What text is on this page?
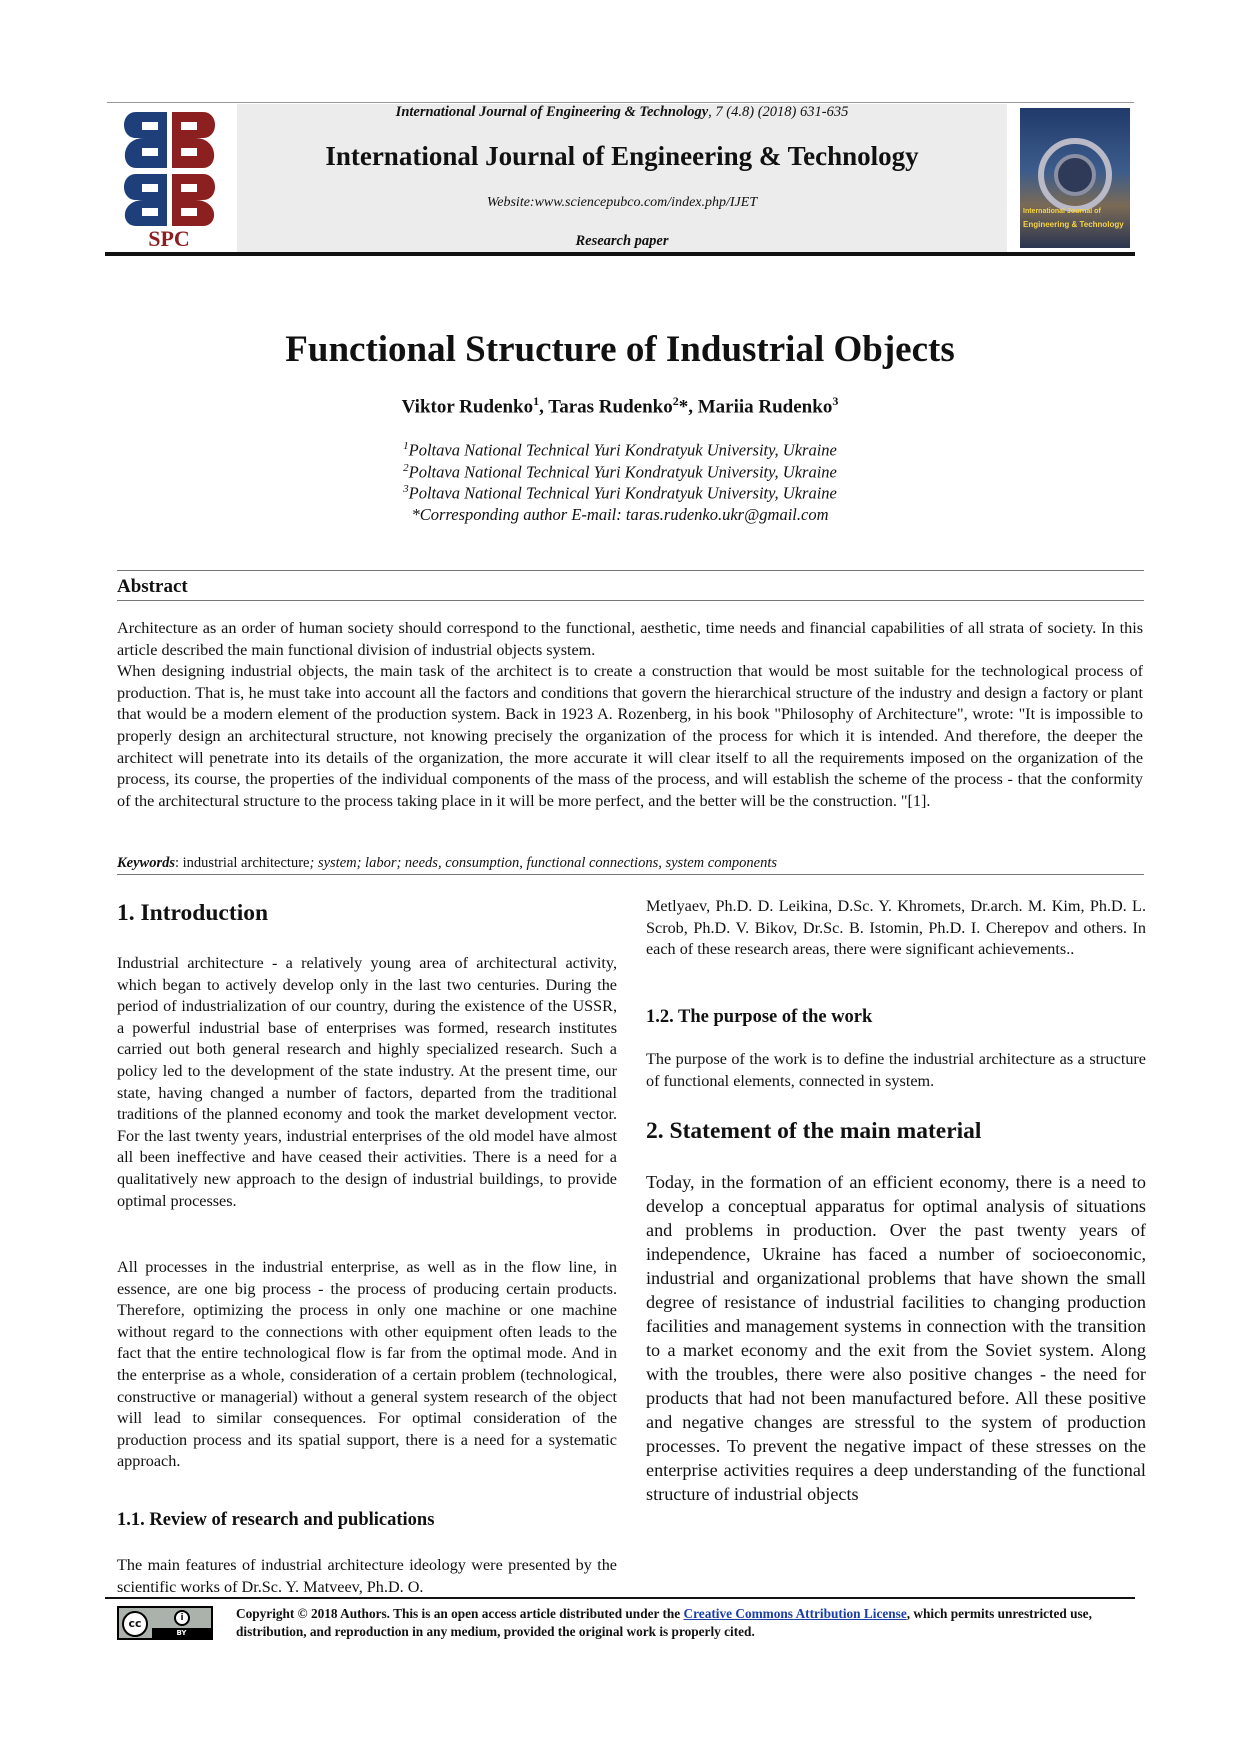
SPC
International Journal of Engineering & Technology, 7 (4.8) (2018) 631-635
International Journal of Engineering & Technology
Website:www.sciencepubco.com/index.php/IJET
Research paper
International Journal of
Engineering & Technology
Functional Structure of Industrial Objects
Viktor Rudenko$^1$, Taras Rudenko$^2$*, Mariia Rudenko$^3$
$^1$Poltava National Technical Yuri Kondratyuk University, Ukraine
$^2$Poltava National Technical Yuri Kondratyuk University, Ukraine
$^3$Poltava National Technical Yuri Kondratyuk University, Ukraine
*Corresponding author E-mail: taras.rudenko.ukr@gmail.com
Abstract

Architecture as an order of human society should correspond to the functional, aesthetic, time needs and financial capabilities of all strata of society. In this article described the main functional division of industrial objects system.

When designing industrial objects, the main task of the architect is to create a construction that would be most suitable for the technological process of production. That is, he must take into account all the factors and conditions that govern the hierarchical structure of the industry and design a factory or plant that would be a modern element of the production system. Back in 1923 A. Rozenberg, in his book "Philosophy of Architecture", wrote: "It is impossible to properly design an architectural structure, not knowing precisely the organization of the process for which it is intended. And therefore, the deeper the architect will penetrate into its details of the organization, the more accurate it will clear itself to all the requirements imposed on the organization of the process, its course, the properties of the individual components of the mass of the process, and will establish the scheme of the process - that the conformity of the architectural structure to the process taking place in it will be more perfect, and the better will be the construction. "[1].

Keywords: industrial architecture; system; labor; needs, consumption, functional connections, system components
1. Introduction
Industrial architecture - a relatively young area of architectural activity, which began to actively develop only in the last two centuries. During the period of industrialization of our country, during the existence of the USSR, a powerful industrial base of enterprises was formed, research institutes carried out both general research and highly specialized research. Such a policy led to the development of the state industry. At the present time, our state, having changed a number of factors, departed from the traditional traditions of the planned economy and took the market development vector. For the last twenty years, industrial enterprises of the old model have almost all been ineffective and have ceased their activities. There is a need for a qualitatively new approach to the design of industrial buildings, to provide optimal processes.
All processes in the industrial enterprise, as well as in the flow line, in essence, are one big process - the process of producing certain products. Therefore, optimizing the process in only one machine or one machine without regard to the connections with other equipment often leads to the fact that the entire technological flow is far from the optimal mode. And in the enterprise as a whole, consideration of a certain problem (technological, constructive or managerial) without a general system research of the object will lead to similar consequences. For optimal consideration of the production process and its spatial support, there is a need for a systematic approach.
1.1. Review of research and publications
The main features of industrial architecture ideology were presented by the scientific works of Dr.Sc. Y. Matveev, Ph.D. O.
Metlyaev, Ph.D. D. Leikina, D.Sc. Y. Khromets, Dr.arch. M. Kim, Ph.D. L. Scrob, Ph.D. V. Bikov, Dr.Sc. B. Istomin, Ph.D. I. Cherepov and others. In each of these research areas, there were significant achievements..
1.2. The purpose of the work
The purpose of the work is to define the industrial architecture as a structure of functional elements, connected in system.
2. Statement of the main material
Today, in the formation of an efficient economy, there is a need to develop a conceptual apparatus for optimal analysis of situations and problems in production. Over the past twenty years of independence, Ukraine has faced a number of socioeconomic, industrial and organizational problems that have shown the small degree of resistance of industrial facilities to changing production facilities and management systems in connection with the transition to a market economy and the exit from the Soviet system. Along with the troubles, there were also positive changes - the need for products that had not been manufactured before. All these positive and negative changes are stressful to the system of production processes. To prevent the negative impact of these stresses on the enterprise activities requires a deep understanding of the functional structure of industrial objects
cc	i
BY
Copyright © 2018 Authors. This is an open access article distributed under the Creative Commons Attribution License, which permits unrestricted use, distribution, and reproduction in any medium, provided the original work is properly cited.
